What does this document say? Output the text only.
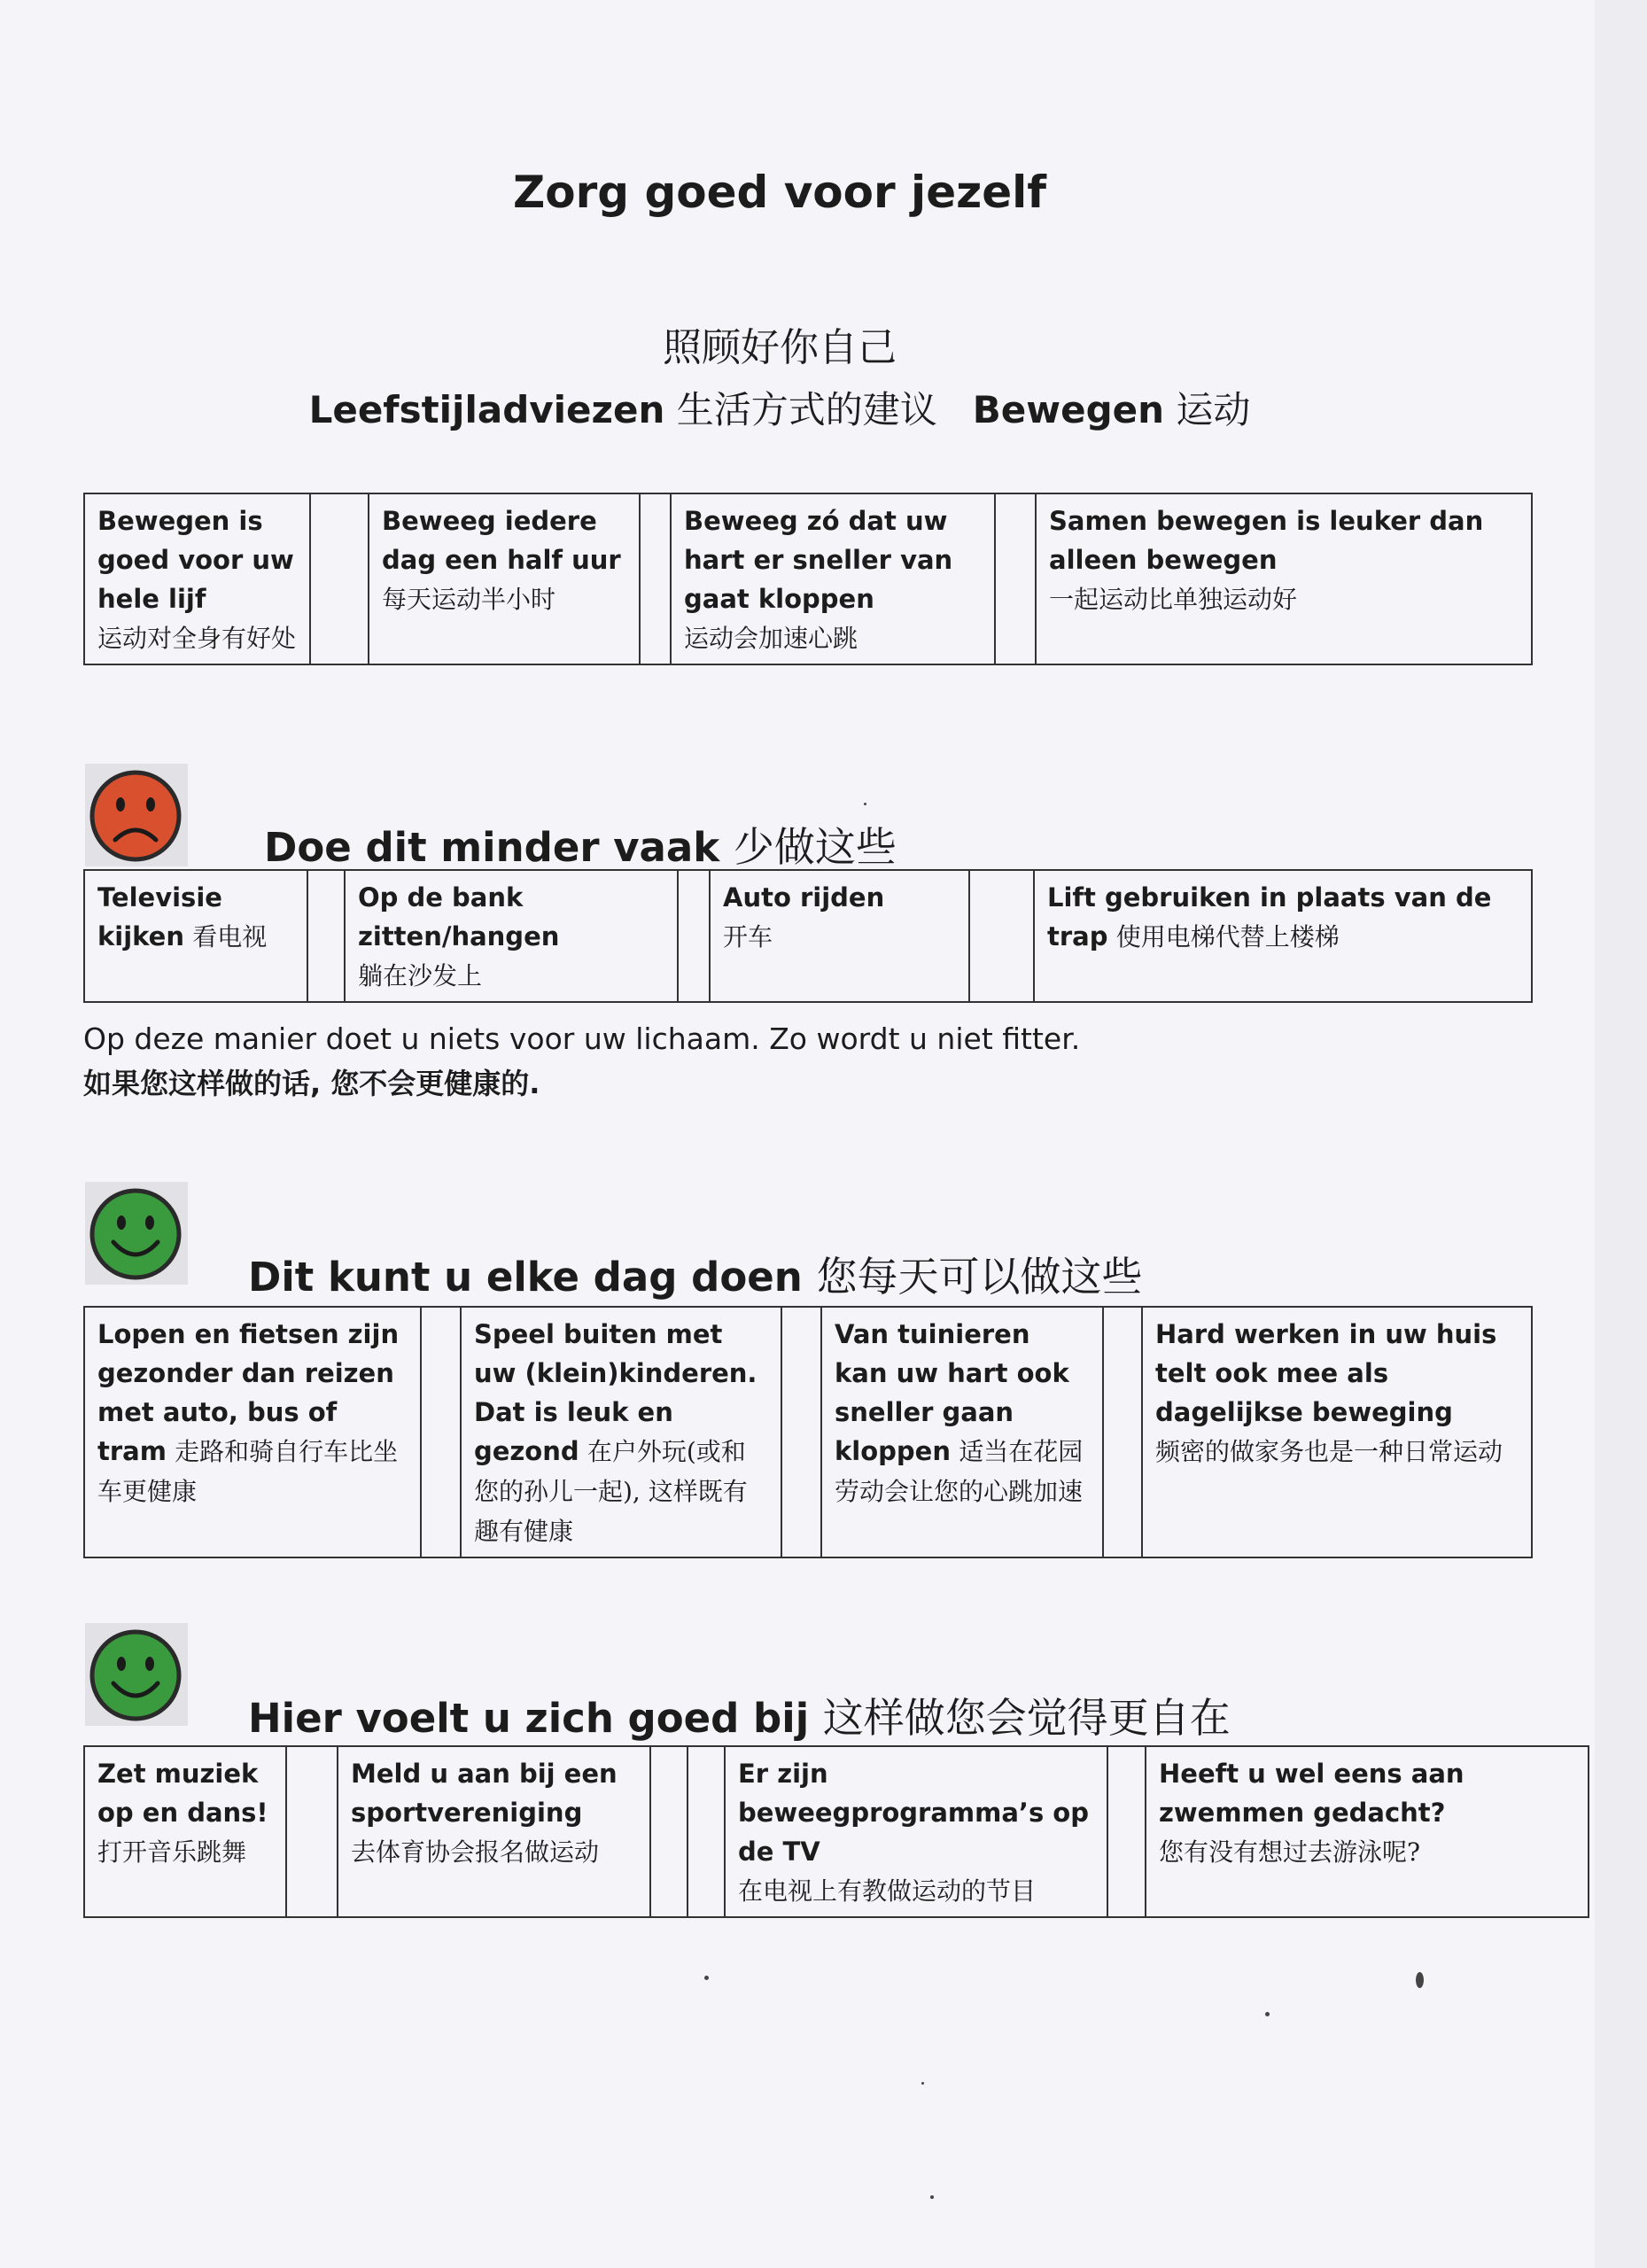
Zorg goed voor jezelf

照顾好你自己

Leefstijladviezen 生活方式的建议 Bewegen 运动

Bewegen is goed voor uw hele lijf
运动对全身有好处		Beweeg iedere dag een half uur
每天运动半小时		Beweeg zó dat uw hart er sneller van gaat kloppen
运动会加速心跳		Samen bewegen is leuker dan alleen bewegen
一起运动比单独运动好
Doe dit minder vaak 少做这些
Televisie kijken 看电视		Op de bank zitten/hangen
躺在沙发上		Auto rijden
开车		Lift gebruiken in plaats van de trap 使用电梯代替上楼梯

Op deze manier doet u niets voor uw lichaam. Zo wordt u niet fitter.
如果您这样做的话, 您不会更健康的.

Dit kunt u elke dag doen 您每天可以做这些
Lopen en fietsen zijn gezonder dan reizen met auto, bus of tram 走路和骑自行车比坐车更健康		Speel buiten met uw (klein)kinderen. Dat is leuk en gezond 在户外玩(或和您的孙儿一起), 这样既有趣有健康		Van tuinieren kan uw hart ook sneller gaan kloppen 适当在花园劳动会让您的心跳加速		Hard werken in uw huis telt ook mee als dagelijkse beweging
频密的做家务也是一种日常运动
Hier voelt u zich goed bij 这样做您会觉得更自在
Zet muziek op en dans!
打开音乐跳舞		Meld u aan bij een sportvereniging
去体育协会报名做运动			Er zijn beweegprogramma’s op de TV
在电视上有教做运动的节目		Heeft u wel eens aan zwemmen gedacht?
您有没有想过去游泳呢?
